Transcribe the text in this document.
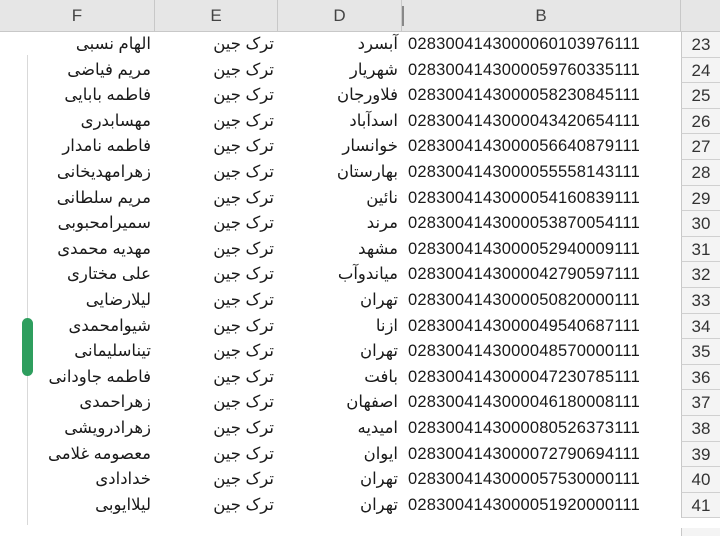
F	E	D	B
الهام نسبی	ترک جین	آبسرد 0283004143000060103976111	23
مریم فیاضی	ترک جین	شهریار 0283004143000059760335111	24
فاطمه بابایی	ترک جین	فلاورجان 0283004143000058230845111	25
مهسابدری	ترک جین	اسدآباد 0283004143000043420654111	26
فاطمه نامدار	ترک جین	خوانسار 0283004143000056640879111	27
زهرامهدیخانی	ترک جین	بهارستان 0283004143000055558143111	28
مریم سلطانی	ترک جین	نائین 0283004143000054160839111	29
سمیرامحبوبی	ترک جین	مرند 0283004143000053870054111	30
مهدیه محمدی	ترک جین	مشهد 0283004143000052940009111	31
علی مختاری	ترک جین	میاندوآب 0283004143000042790597111	32
لیلارضایی	ترک جین	تهران 0283004143000050820000111	33
شیوامحمدی	ترک جین	ازنا 0283004143000049540687111	34
تیناسلیمانی	ترک جین	تهران 0283004143000048570000111	35
فاطمه جاودانی	ترک جین	بافت 0283004143000047230785111	36
زهراحمدی	ترک جین	اصفهان 0283004143000046180008111	37
زهرادرویشی	ترک جین	امیدیه 0283004143000080526373111	38
معصومه غلامی	ترک جین	ایوان 0283004143000072790694111	39
خدادادی	ترک جین	تهران 0283004143000057530000111	40
لیلاایوبی	ترک جین	تهران 0283004143000051920000111	41
